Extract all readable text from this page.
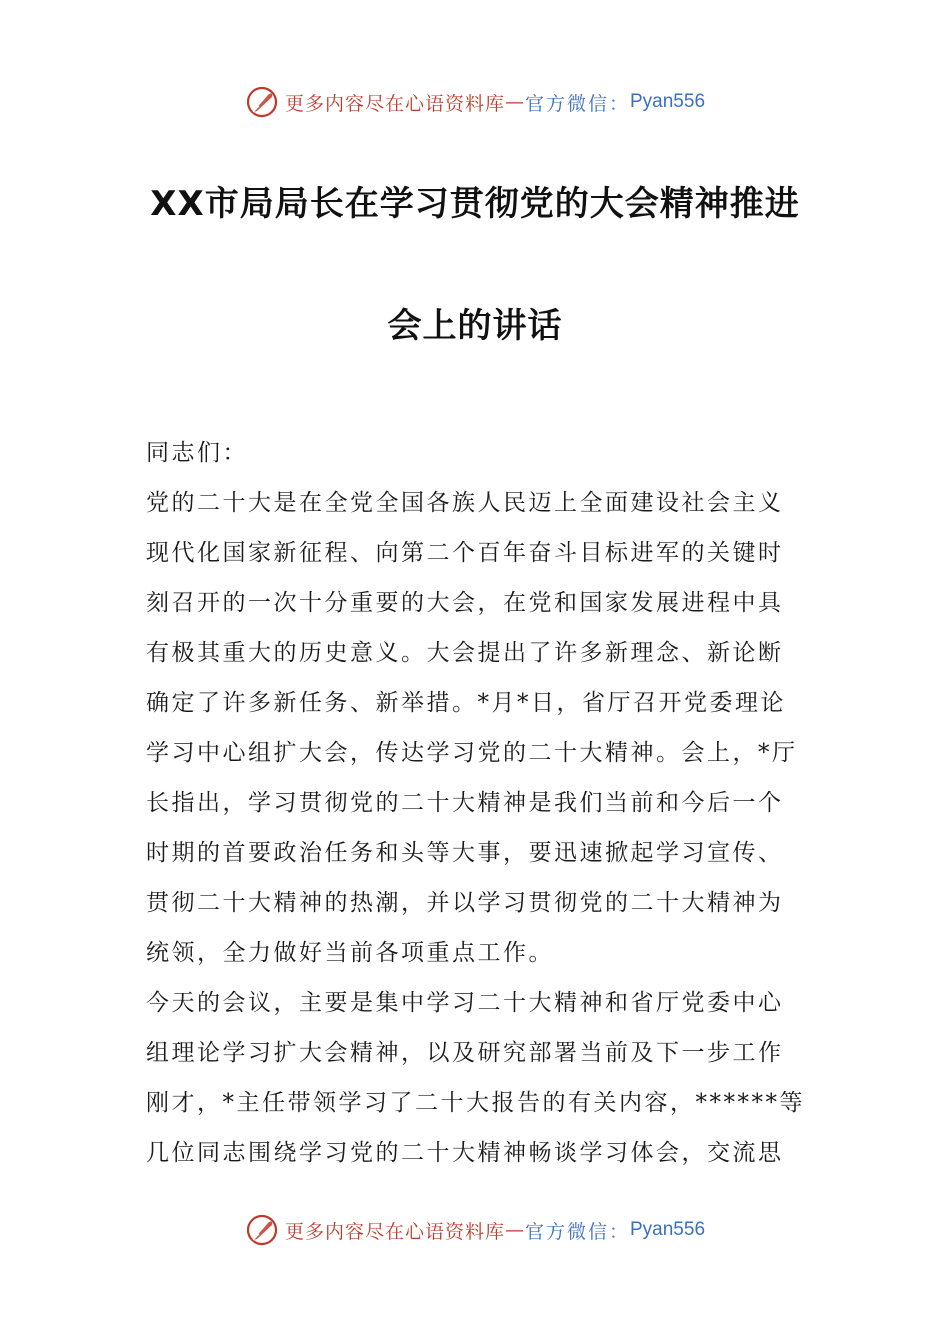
更多内容尽在心语资料库 — 官方微信： Pyan556
XX市局局长在学习贯彻党的大会精神推进
会上的讲话
同志们：
党的二十大是在全党全国各族人民迈上全面建设社会主义
现代化国家新征程、向第二个百年奋斗目标进军的关键时
刻召开的一次十分重要的大会，在党和国家发展进程中具
有极其重大的历史意义。大会提出了许多新理念、新论断
确定了许多新任务、新举措。*月*日，省厅召开党委理论
学习中心组扩大会，传达学习党的二十大精神。会上，*厅
长指出，学习贯彻党的二十大精神是我们当前和今后一个
时期的首要政治任务和头等大事，要迅速掀起学习宣传、
贯彻二十大精神的热潮，并以学习贯彻党的二十大精神为
统领，全力做好当前各项重点工作。
今天的会议，主要是集中学习二十大精神和省厅党委中心
组理论学习扩大会精神，以及研究部署当前及下一步工作
刚才，*主任带领学习了二十大报告的有关内容，******等
几位同志围绕学习党的二十大精神畅谈学习体会，交流思
更多内容尽在心语资料库 — 官方微信： Pyan556
